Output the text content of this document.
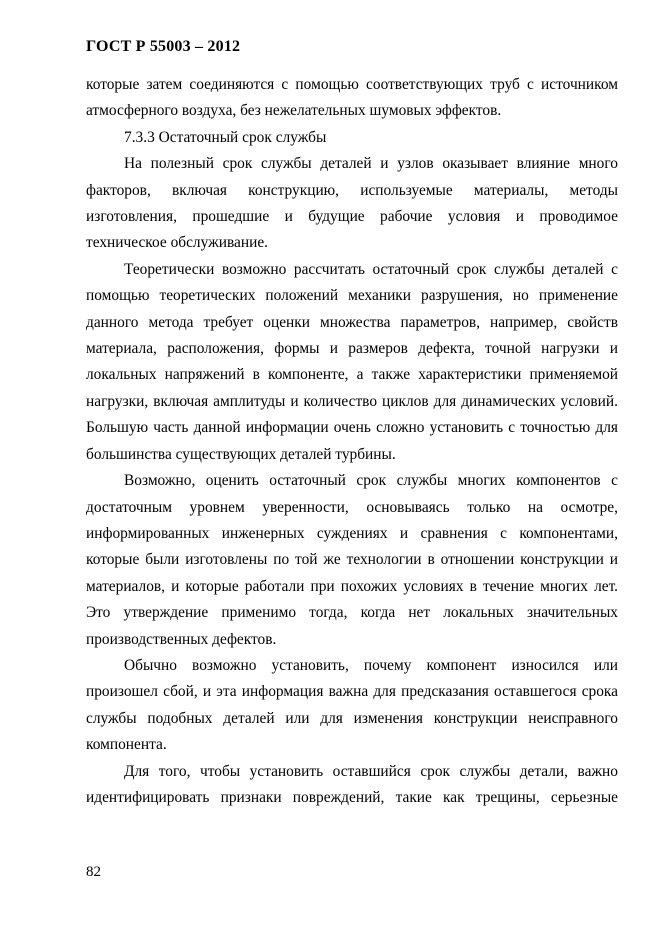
ГОСТ Р 55003 – 2012

которые затем соединяются с помощью соответствующих труб с источником атмосферного воздуха, без нежелательных шумовых эффектов.

7.3.3 Остаточный срок службы

На полезный срок службы деталей и узлов оказывает влияние много факторов, включая конструкцию, используемые материалы, методы изготовления, прошедшие и будущие рабочие условия и проводимое техническое обслуживание.

Теоретически возможно рассчитать остаточный срок службы деталей с помощью теоретических положений механики разрушения, но применение данного метода требует оценки множества параметров, например, свойств материала, расположения, формы и размеров дефекта, точной нагрузки и локальных напряжений в компоненте, а также характеристики применяемой нагрузки, включая амплитуды и количество циклов для динамических условий. Большую часть данной информации очень сложно установить с точностью для большинства существующих деталей турбины.

Возможно, оценить остаточный срок службы многих компонентов с достаточным уровнем уверенности, основываясь только на осмотре, информированных инженерных суждениях и сравнения с компонентами, которые были изготовлены по той же технологии в отношении конструкции и материалов, и которые работали при похожих условиях в течение многих лет. Это утверждение применимо тогда, когда нет локальных значительных производственных дефектов.

Обычно возможно установить, почему компонент износился или произошел сбой, и эта информация важна для предсказания оставшегося срока службы подобных деталей или для изменения конструкции неисправного компонента.

Для того, чтобы установить оставшийся срок службы детали, важно идентифицировать признаки повреждений, такие как трещины, серьезные

82
